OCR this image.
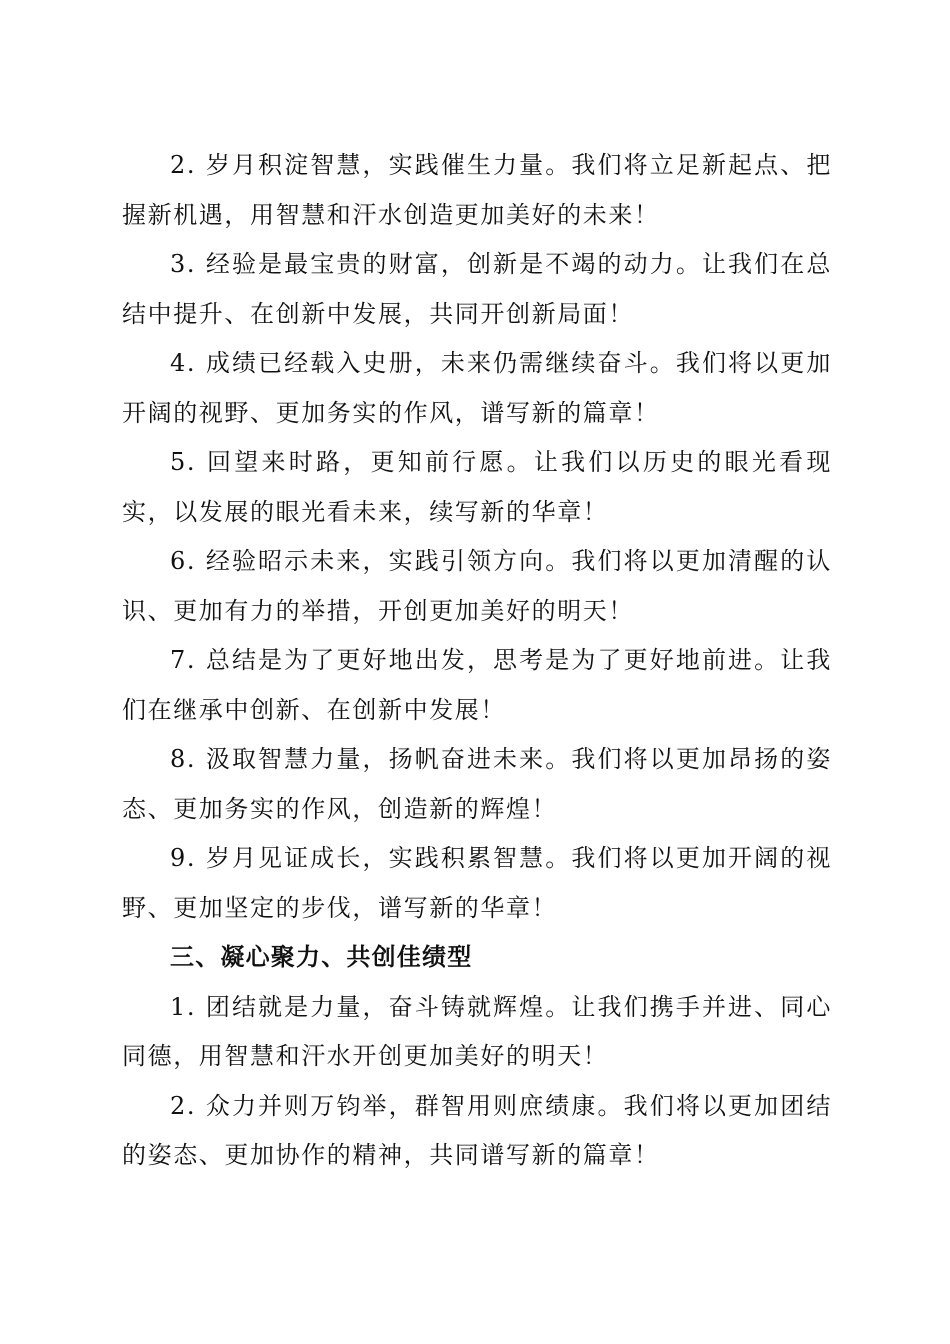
2. 岁月积淀智慧，实践催生力量。我们将立足新起点、把握新机遇，用智慧和汗水创造更加美好的未来！

3. 经验是最宝贵的财富，创新是不竭的动力。让我们在总结中提升、在创新中发展，共同开创新局面！

4. 成绩已经载入史册，未来仍需继续奋斗。我们将以更加开阔的视野、更加务实的作风，谱写新的篇章！

5. 回望来时路，更知前行愿。让我们以历史的眼光看现实，以发展的眼光看未来，续写新的华章！

6. 经验昭示未来，实践引领方向。我们将以更加清醒的认识、更加有力的举措，开创更加美好的明天！

7. 总结是为了更好地出发，思考是为了更好地前进。让我们在继承中创新、在创新中发展！

8. 汲取智慧力量，扬帆奋进未来。我们将以更加昂扬的姿态、更加务实的作风，创造新的辉煌！

9. 岁月见证成长，实践积累智慧。我们将以更加开阔的视野、更加坚定的步伐，谱写新的华章！

三、凝心聚力、共创佳绩型

1. 团结就是力量，奋斗铸就辉煌。让我们携手并进、同心同德，用智慧和汗水开创更加美好的明天！

2. 众力并则万钧举，群智用则庶绩康。我们将以更加团结的姿态、更加协作的精神，共同谱写新的篇章！
